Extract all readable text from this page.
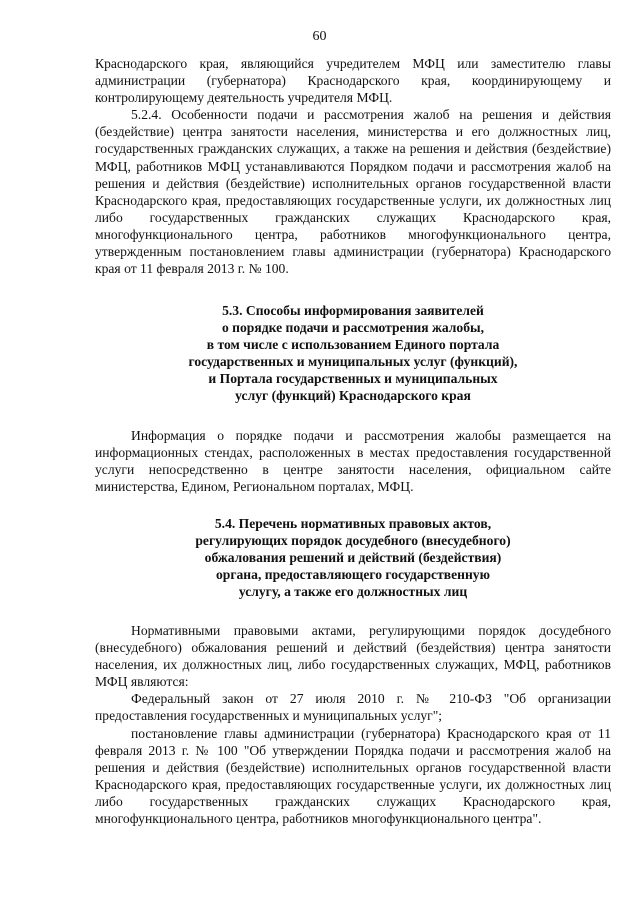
60

Краснодарского края, являющийся учредителем МФЦ или заместителю главы администрации (губернатора) Краснодарского края, координирующему и контролирующему деятельность учредителя МФЦ.

5.2.4. Особенности подачи и рассмотрения жалоб на решения и действия (бездействие) центра занятости населения, министерства и его должностных лиц, государственных гражданских служащих, а также на решения и действия (бездействие) МФЦ, работников МФЦ устанавливаются Порядком подачи и рассмотрения жалоб на решения и действия (бездействие) исполнительных органов государственной власти Краснодарского края, предоставляющих государственные услуги, их должностных лиц либо государственных гражданских служащих Краснодарского края, многофункционального центра, работников многофункционального центра, утвержденным постановлением главы администрации (губернатора) Краснодарского края от 11 февраля 2013 г. № 100.

5.3. Способы информирования заявителей
о порядке подачи и рассмотрения жалобы,
в том числе с использованием Единого портала
государственных и муниципальных услуг (функций),
и Портала государственных и муниципальных
услуг (функций) Краснодарского края

Информация о порядке подачи и рассмотрения жалобы размещается на информационных стендах, расположенных в местах предоставления государственной услуги непосредственно в центре занятости населения, официальном сайте министерства, Едином, Региональном порталах, МФЦ.

5.4. Перечень нормативных правовых актов,
регулирующих порядок досудебного (внесудебного)
обжалования решений и действий (бездействия)
органа, предоставляющего государственную
услугу, а также его должностных лиц

Нормативными правовыми актами, регулирующими порядок досудебного (внесудебного) обжалования решений и действий (бездействия) центра занятости населения, их должностных лиц, либо государственных служащих, МФЦ, работников МФЦ являются:

Федеральный закон от 27 июля 2010 г. № 210-ФЗ "Об организации предоставления государственных и муниципальных услуг";

постановление главы администрации (губернатора) Краснодарского края от 11 февраля 2013 г. № 100 "Об утверждении Порядка подачи и рассмотрения жалоб на решения и действия (бездействие) исполнительных органов государственной власти Краснодарского края, предоставляющих государственные услуги, их должностных лиц либо государственных гражданских служащих Краснодарского края, многофункционального центра, работников многофункционального центра".
